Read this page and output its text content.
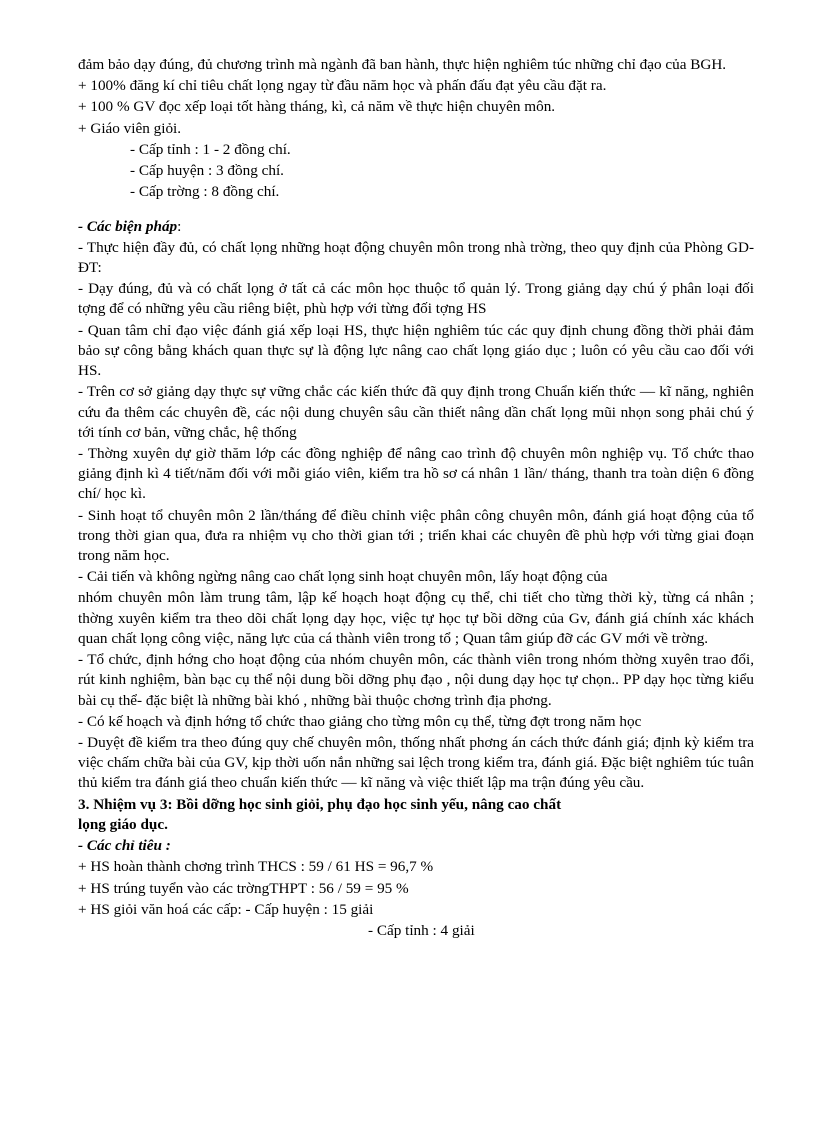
đảm bảo dạy đúng, đủ chương trình mà ngành đã ban hành, thực hiện nghiêm túc những chỉ đạo của BGH.

+ 100% đăng kí chỉ tiêu chất lọng ngay từ đầu năm học và phấn đấu đạt yêu cầu đặt ra.

+ 100 % GV đọc xếp loại tốt hàng tháng, kì, cả năm về thực hiện chuyên môn.

+ Giáo viên giỏi.

- Cấp tỉnh : 1 - 2 đồng chí.

- Cấp huyện : 3 đồng chí.

- Cấp trờng : 8 đồng chí.

- Các biện pháp:

- Thực hiện đầy đủ, có chất lọng những hoạt động chuyên môn trong nhà trờng, theo quy định của Phòng GD-ĐT:

- Dạy đúng, đủ và có chất lọng ở tất cả các môn học thuộc tổ quản lý. Trong giảng dạy chú ý phân loại đối tợng để có những yêu cầu riêng biệt, phù hợp với từng đối tợng HS

- Quan tâm chỉ đạo việc đánh giá xếp loại HS, thực hiện nghiêm túc các quy định chung đồng thời phải đảm bảo sự công bằng khách quan thực sự là động lực nâng cao chất lọng giáo dục ; luôn có yêu cầu cao đối với HS.

- Trên cơ sở giảng dạy thực sự vững chắc các kiến thức đã quy định trong Chuẩn kiến thức — kĩ năng, nghiên cứu đa thêm các chuyên đề, các nội dung chuyên sâu cần thiết nâng dần chất lọng mũi nhọn song phải chú ý tới tính cơ bản, vững chắc, hệ thống

- Thờng xuyên dự giờ thăm lớp các đồng nghiệp để nâng cao trình độ chuyên môn nghiệp vụ. Tổ chức thao giảng định kì 4 tiết/năm đối với mỗi giáo viên, kiểm tra hồ sơ cá nhân 1 lần/ tháng, thanh tra toàn diện 6 đồng chí/ học kì.

- Sinh hoạt tổ chuyên môn 2 lần/tháng để điều chỉnh việc phân công chuyên môn, đánh giá hoạt động của tổ trong thời gian qua, đưa ra nhiệm vụ cho thời gian tới ; triển khai các chuyên đề phù hợp với từng giai đoạn trong năm học.

- Cải tiến và không ngừng nâng cao chất lọng sinh hoạt chuyên môn, lấy hoạt động của

nhóm chuyên môn làm trung tâm, lập kế hoạch hoạt động cụ thể, chi tiết cho từng thời kỳ, từng cá nhân ; thờng xuyên kiểm tra theo dõi chất lọng dạy học, việc tự học tự bồi dỡng của Gv, đánh giá chính xác khách quan chất lọng công việc, năng lực của cá thành viên trong tổ ; Quan tâm giúp đỡ các GV mới về trờng.

- Tổ chức, định hớng cho hoạt động của nhóm chuyên môn, các thành viên trong nhóm thờng xuyên trao đổi, rút kinh nghiệm, bàn bạc cụ thể nội dung bồi dỡng phụ đạo , nội dung dạy học tự chọn.. PP dạy học từng kiểu bài cụ thể- đặc biệt là những bài khó , những bài thuộc chơng trình địa phơng.

- Có kế hoạch và định hớng tổ chức thao giảng cho từng môn cụ thể, từng đợt trong năm học

- Duyệt đề kiểm tra theo đúng quy chế chuyên môn, thống nhất phơng án cách thức đánh giá; định kỳ kiểm tra việc chấm chữa bài của GV, kịp thời uốn nắn những sai lệch trong kiểm tra, đánh giá. Đặc biệt nghiêm túc tuân thủ kiểm tra đánh giá theo chuẩn kiến thức — kĩ năng và việc thiết lập ma trận đúng yêu cầu.

3. Nhiệm vụ 3: Bồi dỡng học sinh giỏi, phụ đạo học sinh yếu, nâng cao chất

lọng giáo dục.

- Các chỉ tiêu :

+ HS hoàn thành chơng trình THCS : 59 / 61 HS = 96,7 %

+ HS trúng tuyển vào các trờngTHPT : 56 / 59 = 95 %

+ HS giỏi văn hoá các cấp: - Cấp huyện : 15 giải

- Cấp tỉnh : 4 giải
